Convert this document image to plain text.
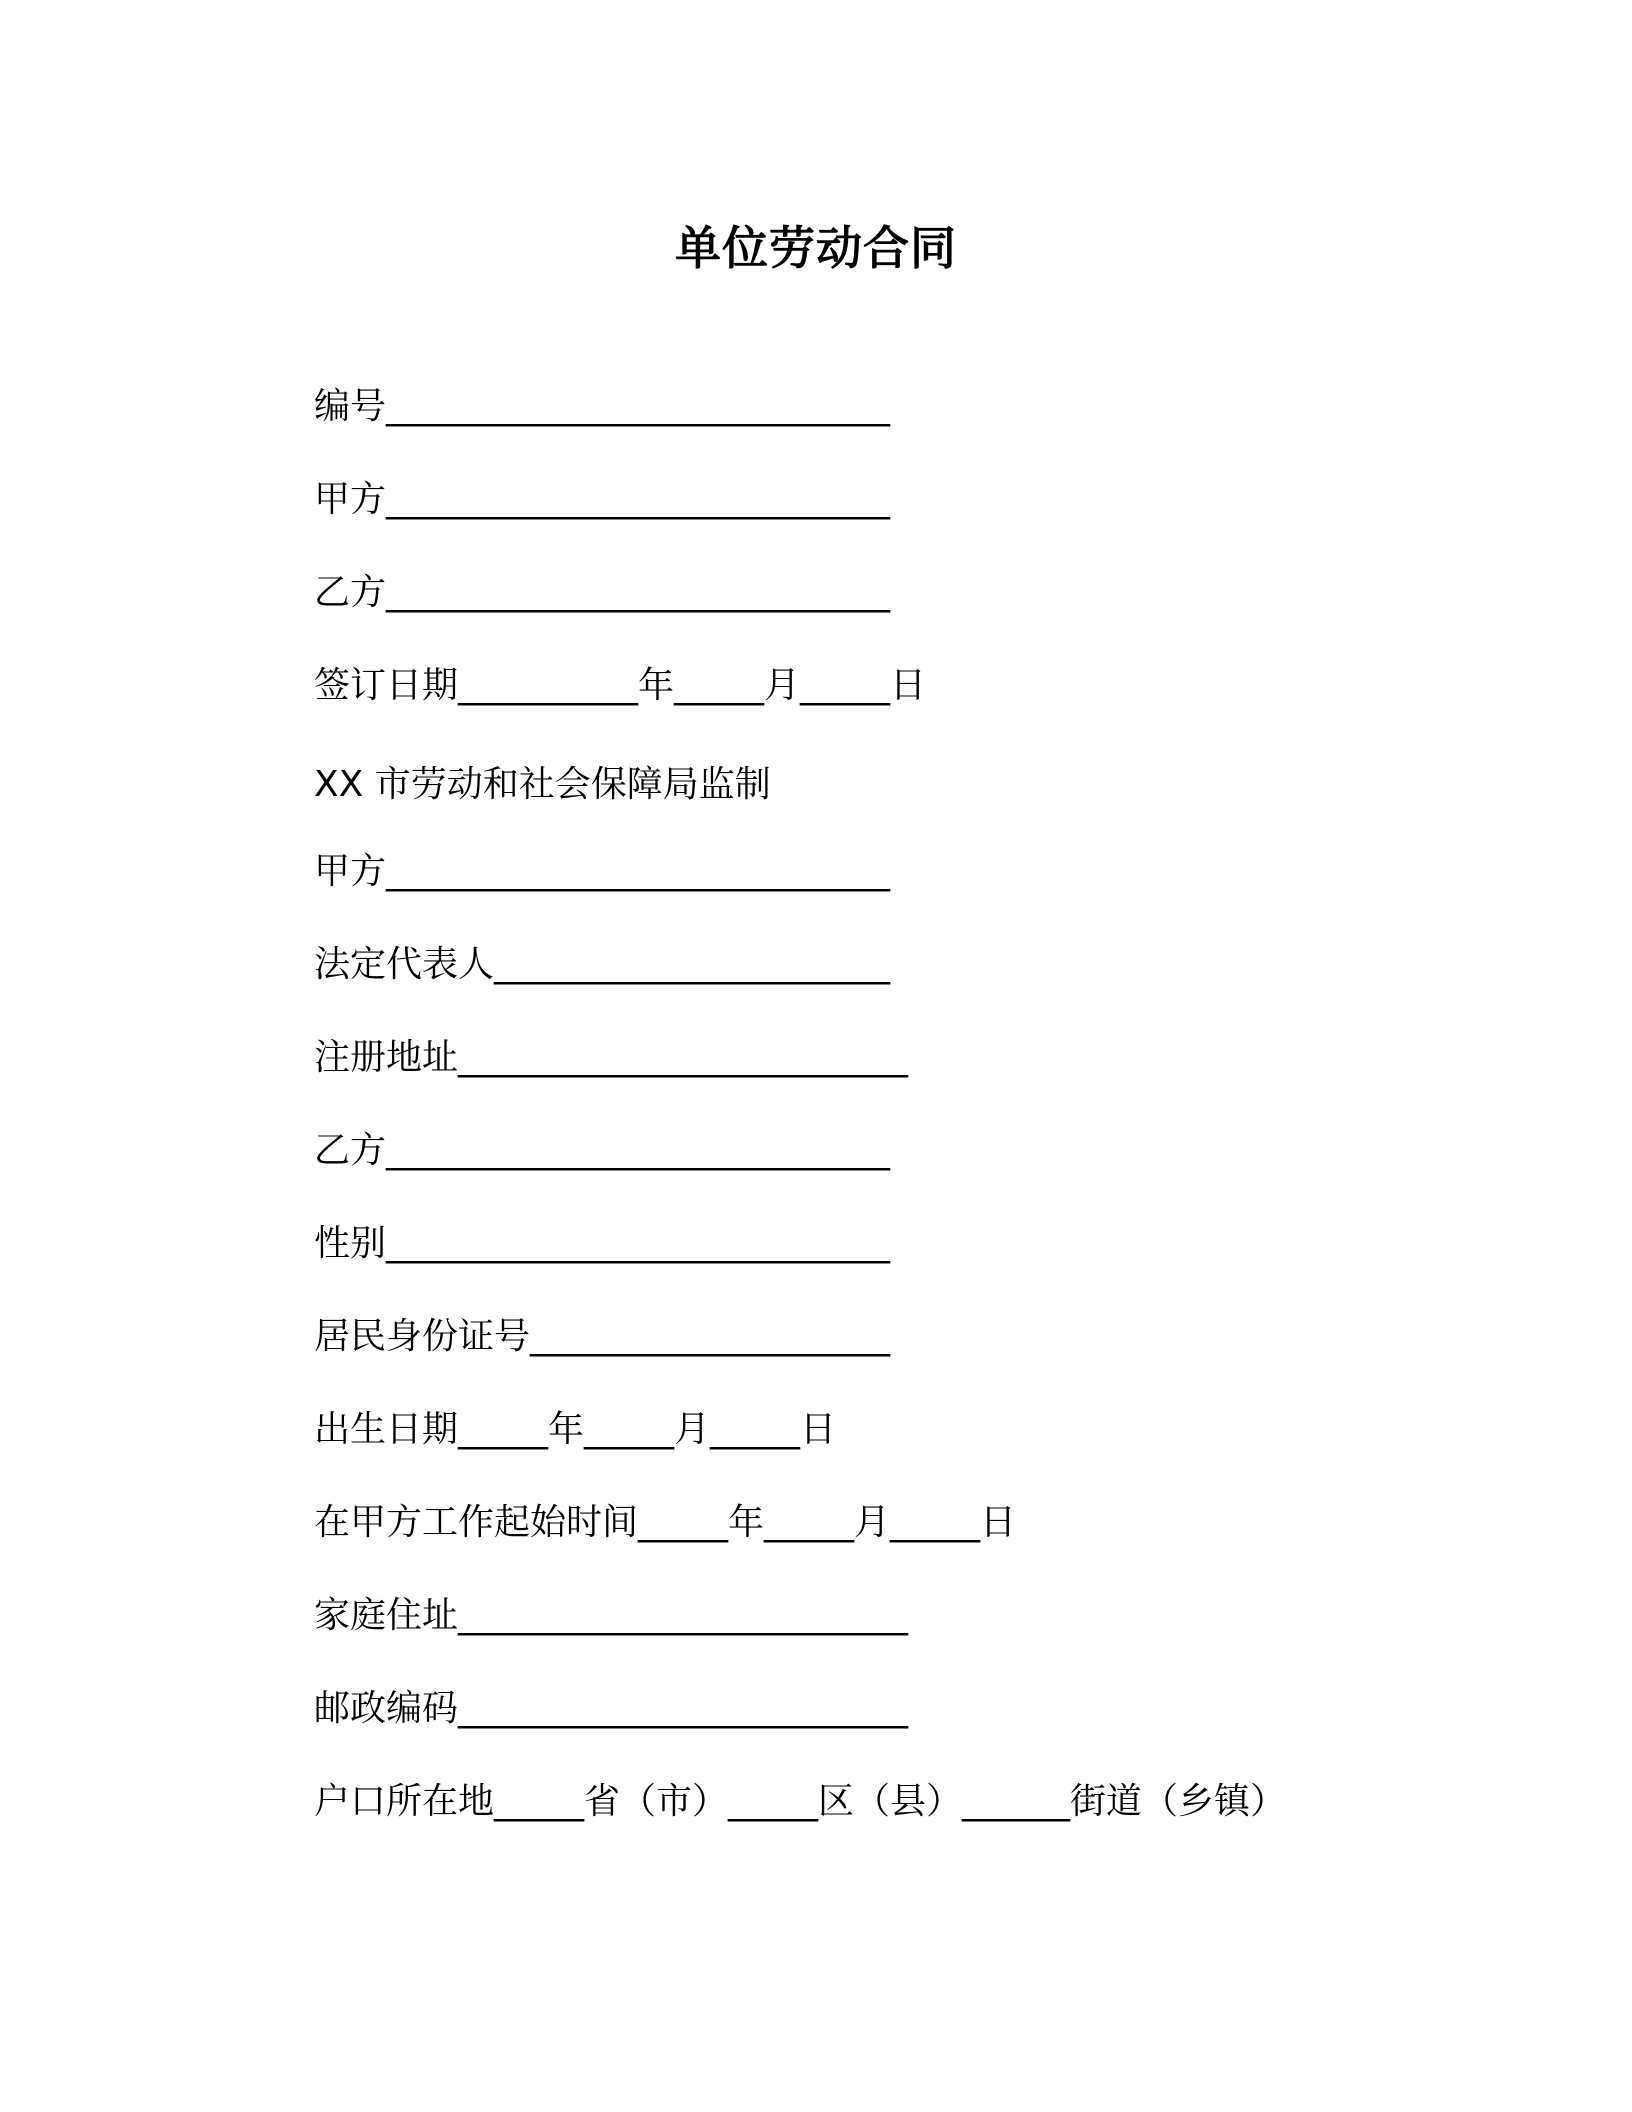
单位劳动合同
编号____________________________
甲方____________________________
乙方____________________________
签订日期__________年_____月_____日
XX 市劳动和社会保障局监制
甲方____________________________
法定代表人______________________
注册地址_________________________
乙方____________________________
性别____________________________
居民身份证号____________________
出生日期_____年_____月_____日
在甲方工作起始时间_____年_____月_____日
家庭住址_________________________
邮政编码_________________________
户口所在地_____省（市）_____区（县）______街道（乡镇）
